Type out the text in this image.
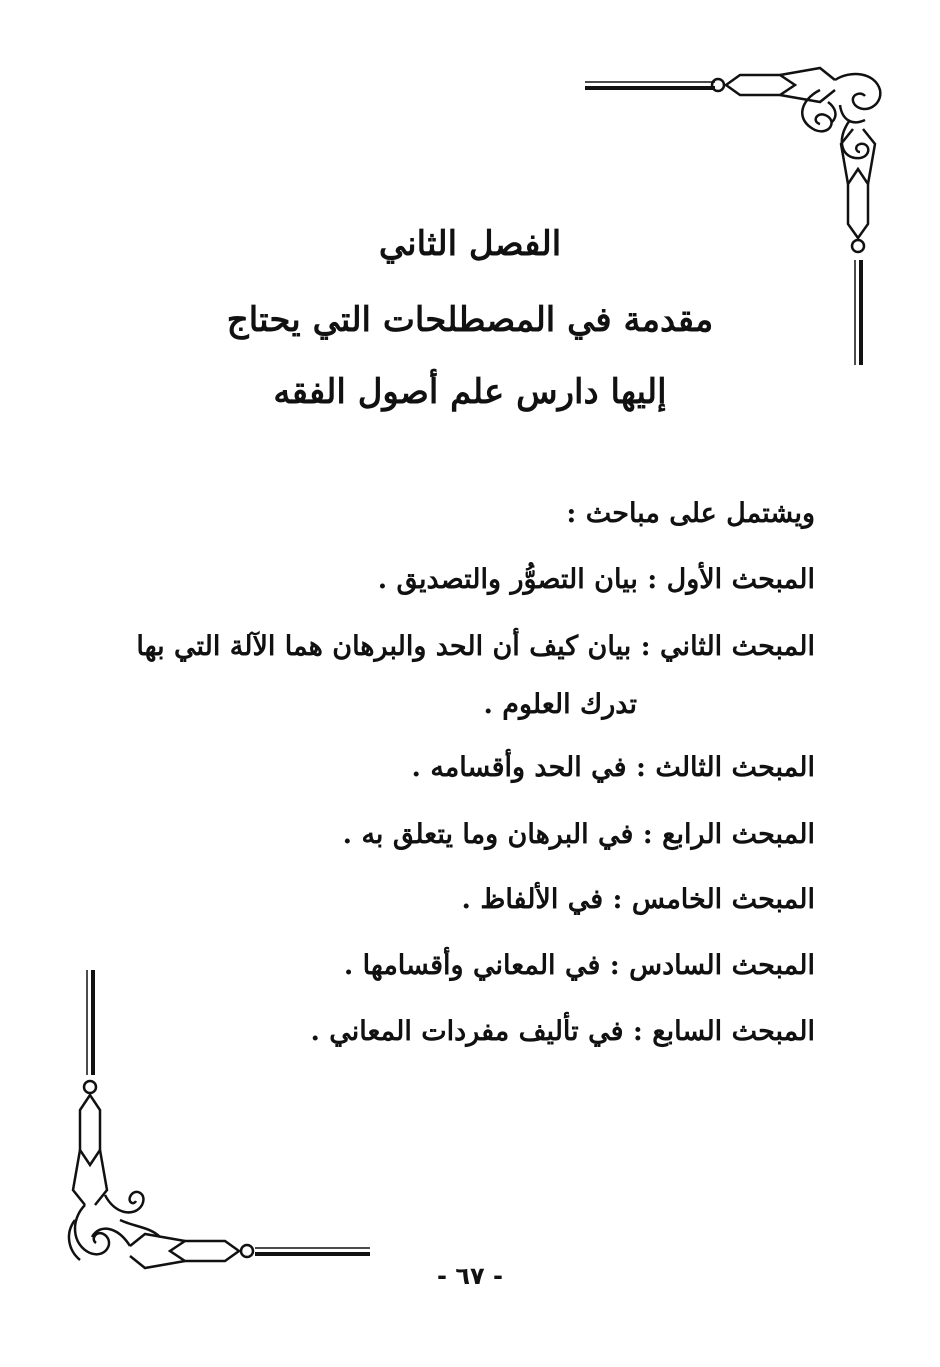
الفصل الثاني
مقدمة في المصطلحات التي يحتاج
إليها دارس علم أصول الفقه
ويشتمل على مباحث :
المبحث الأول : بيان التصوُّر والتصديق .
المبحث الثاني : بيان كيف أن الحد والبرهان هما الآلة التي بها
تدرك العلوم .
المبحث الثالث : في الحد وأقسامه .
المبحث الرابع : في البرهان وما يتعلق به .
المبحث الخامس : في الألفاظ .
المبحث السادس : في المعاني وأقسامها .
المبحث السابع : في تأليف مفردات المعاني .
- ٦٧ -
